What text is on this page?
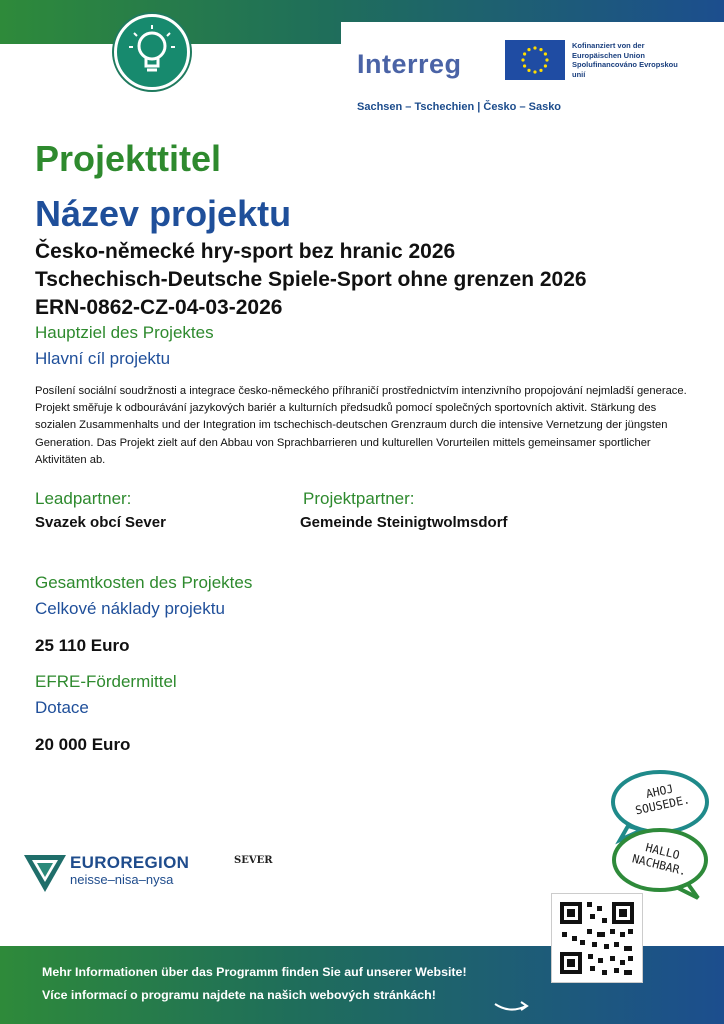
Interreg
Kofinanziert von der Europäischen Union Spolufinancováno Evropskou unií
Sachsen – Tschechien | Česko – Sasko
Projekttitel
Název projektu
Česko-německé hry-sport bez hranic 2026
Tschechisch-Deutsche Spiele-Sport ohne grenzen 2026
ERN-0862-CZ-04-03-2026
Hauptziel des Projektes
Hlavní cíl projektu
Posílení sociální soudržnosti a integrace česko-německého příhraničí prostřednictvím intenzivního propojování nejmladší generace. Projekt směřuje k odbourávání jazykových bariér a kulturních předsudků pomocí společných sportovních aktivit. Stärkung des sozialen Zusammenhalts und der Integration im tschechisch-deutschen Grenzraum durch die intensive Vernetzung der jüngsten Generation. Das Projekt zielt auf den Abbau von Sprachbarrieren und kulturellen Vorurteilen mittels gemeinsamer sportlicher Aktivitäten ab.
Leadpartner:
Svazek obcí Sever
Projektpartner:
Gemeinde Steinigtwolmsdorf
Gesamtkosten des Projektes
Celkové náklady projektu
25 110 Euro
EFRE-Fördermittel
Dotace
20 000 Euro
EUROREGION
neisse–nisa–nysa
SEVER
AHOJ SOUSEDE.
HALLO NACHBAR.
Mehr Informationen über das Programm finden Sie auf unserer Website!
Více informací o programu najdete na našich webových stránkách!
